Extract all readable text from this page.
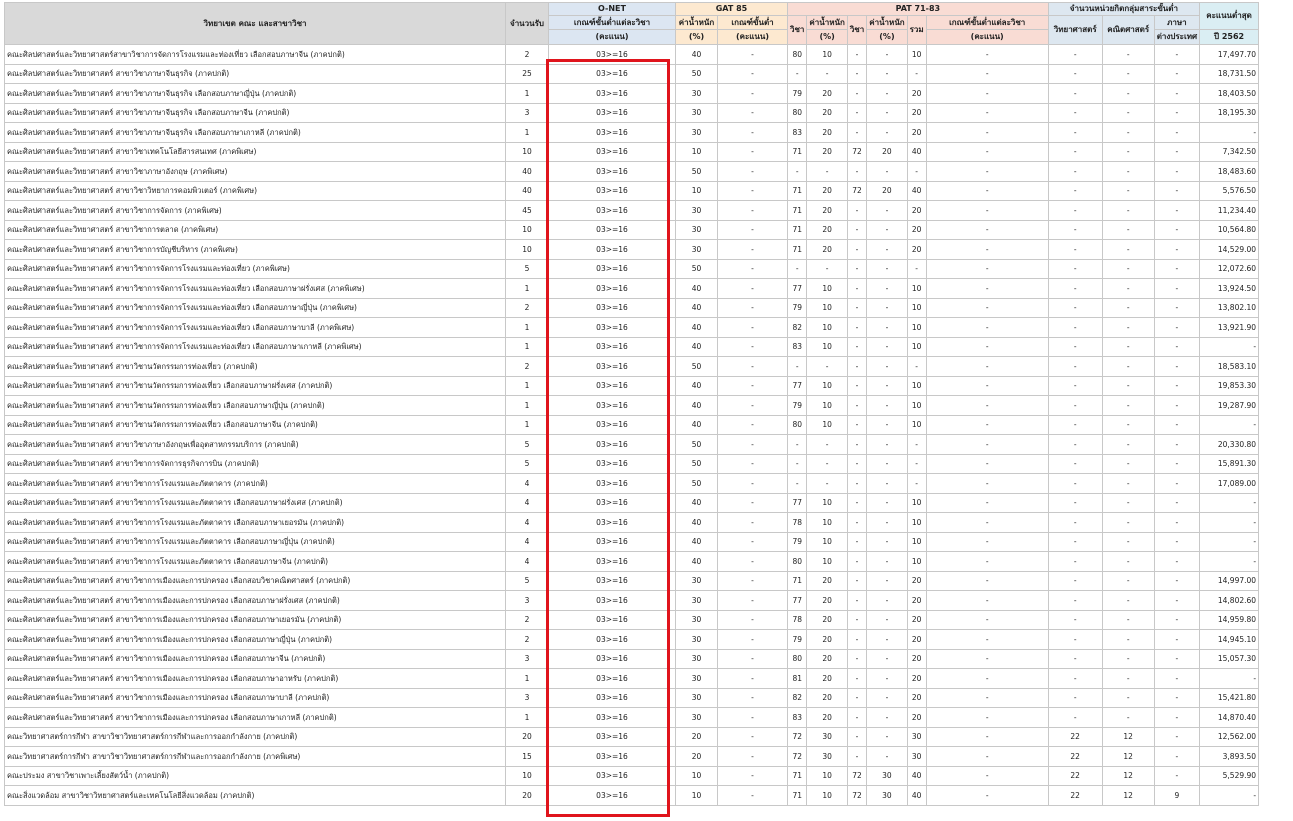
วิทยาเขต คณะ และสาขาวิชา	จำนวนรับ	O-NET	GAT 85		PAT 71-83						จำนวนหน่วยกิตกลุ่มสาระขั้นต่ำ			คะแนนต่ำสุด
		เกณฑ์ขั้นต่ำแต่ละวิชา	ค่าน้ำหนัก	เกณฑ์ขั้นต่ำ	วิชา	ค่าน้ำหนัก	วิชา	ค่าน้ำหนัก	รวม	เกณฑ์ขั้นต่ำแต่ละวิชา	วิทยาศาสตร์	คณิตศาสตร์	ภาษา	
		(คะแนน)	(%)	(คะแนน)		(%)		(%)		(คะแนน)			ต่างประเทศ	ปี 2562
คณะศิลปศาสตร์และวิทยาศาสตร์สาขาวิชาการจัดการโรงแรมและท่องเที่ยว เลือกสอบภาษาจีน (ภาคปกติ)	2	03>=16	40	-	80	10	-	-	10	-	-	-	-	17,497.70
คณะศิลปศาสตร์และวิทยาศาสตร์ สาขาวิชาภาษาจีนธุรกิจ (ภาคปกติ)	25	03>=16	50	-	-	-	-	-	-	-	-	-	-	18,731.50
คณะศิลปศาสตร์และวิทยาศาสตร์ สาขาวิชาภาษาจีนธุรกิจ เลือกสอบภาษาญี่ปุ่น (ภาคปกติ)	1	03>=16	30	-	79	20	-	-	20	-	-	-	-	18,403.50
คณะศิลปศาสตร์และวิทยาศาสตร์ สาขาวิชาภาษาจีนธุรกิจ เลือกสอบภาษาจีน (ภาคปกติ)	3	03>=16	30	-	80	20	-	-	20	-	-	-	-	18,195.30
คณะศิลปศาสตร์และวิทยาศาสตร์ สาขาวิชาภาษาจีนธุรกิจ เลือกสอบภาษาเกาหลี (ภาคปกติ)	1	03>=16	30	-	83	20	-	-	20	-	-	-	-	-
คณะศิลปศาสตร์และวิทยาศาสตร์ สาขาวิชาเทคโนโลยีสารสนเทศ (ภาคพิเศษ)	10	03>=16	10	-	71	20	72	20	40	-	-	-	-	7,342.50
คณะศิลปศาสตร์และวิทยาศาสตร์ สาขาวิชาภาษาอังกฤษ (ภาคพิเศษ)	40	03>=16	50	-	-	-	-	-	-	-	-	-	-	18,483.60
คณะศิลปศาสตร์และวิทยาศาสตร์ สาขาวิชาวิทยาการคอมพิวเตอร์ (ภาคพิเศษ)	40	03>=16	10	-	71	20	72	20	40	-	-	-	-	5,576.50
คณะศิลปศาสตร์และวิทยาศาสตร์ สาขาวิชาการจัดการ (ภาคพิเศษ)	45	03>=16	30	-	71	20	-	-	20	-	-	-	-	11,234.40
คณะศิลปศาสตร์และวิทยาศาสตร์ สาขาวิชาการตลาด (ภาคพิเศษ)	10	03>=16	30	-	71	20	-	-	20	-	-	-	-	10,564.80
คณะศิลปศาสตร์และวิทยาศาสตร์ สาขาวิชาการบัญชีบริหาร (ภาคพิเศษ)	10	03>=16	30	-	71	20	-	-	20	-	-	-	-	14,529.00
คณะศิลปศาสตร์และวิทยาศาสตร์ สาขาวิชาการจัดการโรงแรมและท่องเที่ยว (ภาคพิเศษ)	5	03>=16	50	-	-	-	-	-	-	-	-	-	-	12,072.60
คณะศิลปศาสตร์และวิทยาศาสตร์ สาขาวิชาการจัดการโรงแรมและท่องเที่ยว เลือกสอบภาษาฝรั่งเศส (ภาคพิเศษ)	1	03>=16	40	-	77	10	-	-	10	-	-	-	-	13,924.50
คณะศิลปศาสตร์และวิทยาศาสตร์ สาขาวิชาการจัดการโรงแรมและท่องเที่ยว เลือกสอบภาษาญี่ปุ่น (ภาคพิเศษ)	2	03>=16	40	-	79	10	-	-	10	-	-	-	-	13,802.10
คณะศิลปศาสตร์และวิทยาศาสตร์ สาขาวิชาการจัดการโรงแรมและท่องเที่ยว เลือกสอบภาษาบาลี (ภาคพิเศษ)	1	03>=16	40	-	82	10	-	-	10	-	-	-	-	13,921.90
คณะศิลปศาสตร์และวิทยาศาสตร์ สาขาวิชาการจัดการโรงแรมและท่องเที่ยว เลือกสอบภาษาเกาหลี (ภาคพิเศษ)	1	03>=16	40	-	83	10	-	-	10	-	-	-	-	-
คณะศิลปศาสตร์และวิทยาศาสตร์ สาขาวิชานวัตกรรมการท่องเที่ยว (ภาคปกติ)	2	03>=16	50	-	-	-	-	-	-	-	-	-	-	18,583.10
คณะศิลปศาสตร์และวิทยาศาสตร์ สาขาวิชานวัตกรรมการท่องเที่ยว เลือกสอบภาษาฝรั่งเศส (ภาคปกติ)	1	03>=16	40	-	77	10	-	-	10	-	-	-	-	19,853.30
คณะศิลปศาสตร์และวิทยาศาสตร์ สาขาวิชานวัตกรรมการท่องเที่ยว เลือกสอบภาษาญี่ปุ่น (ภาคปกติ)	1	03>=16	40	-	79	10	-	-	10	-	-	-	-	19,287.90
คณะศิลปศาสตร์และวิทยาศาสตร์ สาขาวิชานวัตกรรมการท่องเที่ยว เลือกสอบภาษาจีน (ภาคปกติ)	1	03>=16	40	-	80	10	-	-	10	-	-	-	-	-
คณะศิลปศาสตร์และวิทยาศาสตร์ สาขาวิชาภาษาอังกฤษเพื่ออุตสาหกรรมบริการ (ภาคปกติ)	5	03>=16	50	-	-	-	-	-	-	-	-	-	-	20,330.80
คณะศิลปศาสตร์และวิทยาศาสตร์ สาขาวิชาการจัดการธุรกิจการบิน (ภาคปกติ)	5	03>=16	50	-	-	-	-	-	-	-	-	-	-	15,891.30
คณะศิลปศาสตร์และวิทยาศาสตร์ สาขาวิชาการโรงแรมและภัตตาคาร (ภาคปกติ)	4	03>=16	50	-	-	-	-	-	-	-	-	-	-	17,089.00
คณะศิลปศาสตร์และวิทยาศาสตร์ สาขาวิชาการโรงแรมและภัตตาคาร เลือกสอบภาษาฝรั่งเศส (ภาคปกติ)	4	03>=16	40	-	77	10	-	-	10	-	-	-	-	-
คณะศิลปศาสตร์และวิทยาศาสตร์ สาขาวิชาการโรงแรมและภัตตาคาร เลือกสอบภาษาเยอรมัน (ภาคปกติ)	4	03>=16	40	-	78	10	-	-	10	-	-	-	-	-
คณะศิลปศาสตร์และวิทยาศาสตร์ สาขาวิชาการโรงแรมและภัตตาคาร เลือกสอบภาษาญี่ปุ่น (ภาคปกติ)	4	03>=16	40	-	79	10	-	-	10	-	-	-	-	-
คณะศิลปศาสตร์และวิทยาศาสตร์ สาขาวิชาการโรงแรมและภัตตาคาร เลือกสอบภาษาจีน (ภาคปกติ)	4	03>=16	40	-	80	10	-	-	10	-	-	-	-	-
คณะศิลปศาสตร์และวิทยาศาสตร์ สาขาวิชาการเมืองและการปกครอง เลือกสอบวิชาคณิตศาสตร์ (ภาคปกติ)	5	03>=16	30	-	71	20	-	-	20	-	-	-	-	14,997.00
คณะศิลปศาสตร์และวิทยาศาสตร์ สาขาวิชาการเมืองและการปกครอง เลือกสอบภาษาฝรั่งเศส (ภาคปกติ)	3	03>=16	30	-	77	20	-	-	20	-	-	-	-	14,802.60
คณะศิลปศาสตร์และวิทยาศาสตร์ สาขาวิชาการเมืองและการปกครอง เลือกสอบภาษาเยอรมัน (ภาคปกติ)	2	03>=16	30	-	78	20	-	-	20	-	-	-	-	14,959.80
คณะศิลปศาสตร์และวิทยาศาสตร์ สาขาวิชาการเมืองและการปกครอง เลือกสอบภาษาญี่ปุ่น (ภาคปกติ)	2	03>=16	30	-	79	20	-	-	20	-	-	-	-	14,945.10
คณะศิลปศาสตร์และวิทยาศาสตร์ สาขาวิชาการเมืองและการปกครอง เลือกสอบภาษาจีน (ภาคปกติ)	3	03>=16	30	-	80	20	-	-	20	-	-	-	-	15,057.30
คณะศิลปศาสตร์และวิทยาศาสตร์ สาขาวิชาการเมืองและการปกครอง เลือกสอบภาษาอาหรับ (ภาคปกติ)	1	03>=16	30	-	81	20	-	-	20	-	-	-	-	-
คณะศิลปศาสตร์และวิทยาศาสตร์ สาขาวิชาการเมืองและการปกครอง เลือกสอบภาษาบาลี (ภาคปกติ)	3	03>=16	30	-	82	20	-	-	20	-	-	-	-	15,421.80
คณะศิลปศาสตร์และวิทยาศาสตร์ สาขาวิชาการเมืองและการปกครอง เลือกสอบภาษาเกาหลี (ภาคปกติ)	1	03>=16	30	-	83	20	-	-	20	-	-	-	-	14,870.40
คณะวิทยาศาสตร์การกีฬา สาขาวิชาวิทยาศาสตร์การกีฬาและการออกกำลังกาย (ภาคปกติ)	20	03>=16	20	-	72	30	-	-	30	-	22	12	-	12,562.00
คณะวิทยาศาสตร์การกีฬา สาขาวิชาวิทยาศาสตร์การกีฬาและการออกกำลังกาย (ภาคพิเศษ)	15	03>=16	20	-	72	30	-	-	30	-	22	12	-	3,893.50
คณะประมง สาขาวิชาเพาะเลี้ยงสัตว์น้ำ (ภาคปกติ)	10	03>=16	10	-	71	10	72	30	40	-	22	12	-	5,529.90
คณะสิ่งแวดล้อม สาขาวิชาวิทยาศาสตร์และเทคโนโลยีสิ่งแวดล้อม (ภาคปกติ)	20	03>=16	10	-	71	10	72	30	40	-	22	12	9	-
